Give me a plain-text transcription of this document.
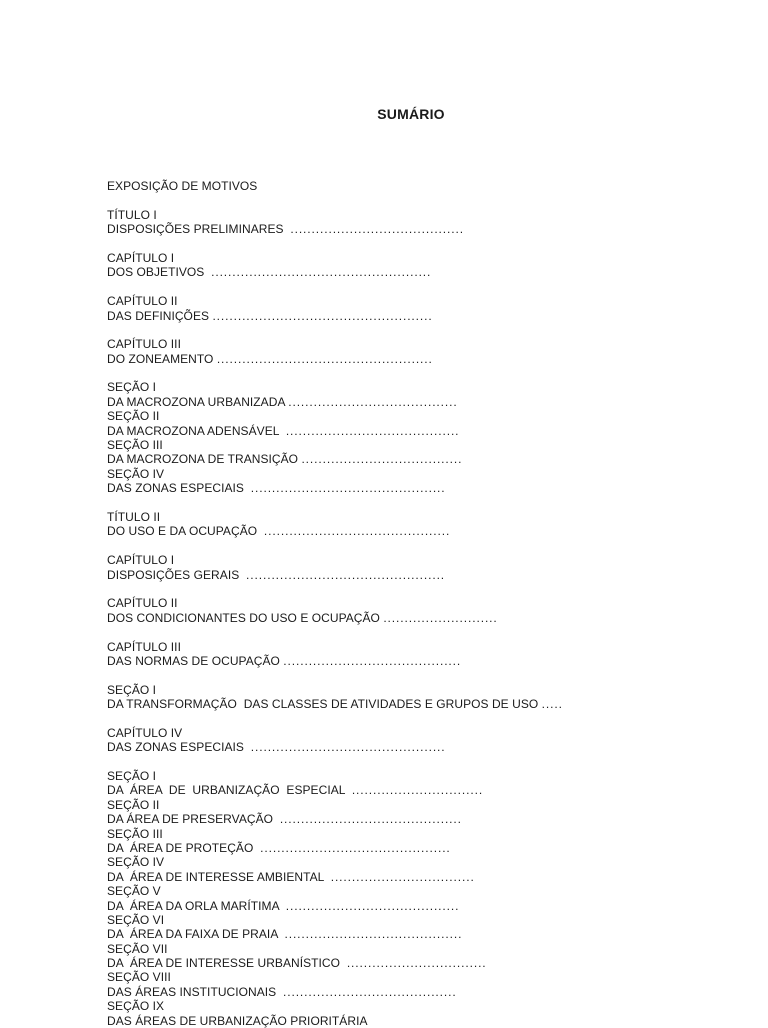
SUMÁRIO
EXPOSIÇÃO DE MOTIVOS
TÍTULO I
DISPOSIÇÕES PRELIMINARES  .........................................
CAPÍTULO I
DOS OBJETIVOS  ....................................................
CAPÍTULO II
DAS DEFINIÇÕES ....................................................
CAPÍTULO III
DO ZONEAMENTO ...................................................
SEÇÃO I
DA MACROZONA URBANIZADA ........................................
SEÇÃO II
DA MACROZONA ADENSÁVEL  .........................................
SEÇÃO III
DA MACROZONA DE TRANSIÇÃO ......................................
SEÇÃO IV
DAS ZONAS ESPECIAIS  ..............................................
TÍTULO II
DO USO E DA OCUPAÇÃO  ............................................
CAPÍTULO I
DISPOSIÇÕES GERAIS  ...............................................
CAPÍTULO II
DOS CONDICIONANTES DO USO E OCUPAÇÃO ...........................
CAPÍTULO III
DAS NORMAS DE OCUPAÇÃO ..........................................
SEÇÃO I
DA TRANSFORMAÇÃO  DAS CLASSES DE ATIVIDADES E GRUPOS DE USO .....
CAPÍTULO IV
DAS ZONAS ESPECIAIS  ..............................................
SEÇÃO I
DA  ÁREA  DE  URBANIZAÇÃO  ESPECIAL  ...............................
SEÇÃO II
DA ÁREA DE PRESERVAÇÃO  ...........................................
SEÇÃO III
DA  ÁREA DE PROTEÇÃO  .............................................
SEÇÃO IV
DA  ÁREA DE INTERESSE AMBIENTAL  ..................................
SEÇÃO V
DA  ÁREA DA ORLA MARÍTIMA  .........................................
SEÇÃO VI
DA  ÁREA DA FAIXA DE PRAIA  ..........................................
SEÇÃO VII
DA  ÁREA DE INTERESSE URBANÍSTICO  .................................
SEÇÃO VIII
DAS ÁREAS INSTITUCIONAIS  .........................................
SEÇÃO IX
DAS ÁREAS DE URBANIZAÇÃO PRIORITÁRIA
